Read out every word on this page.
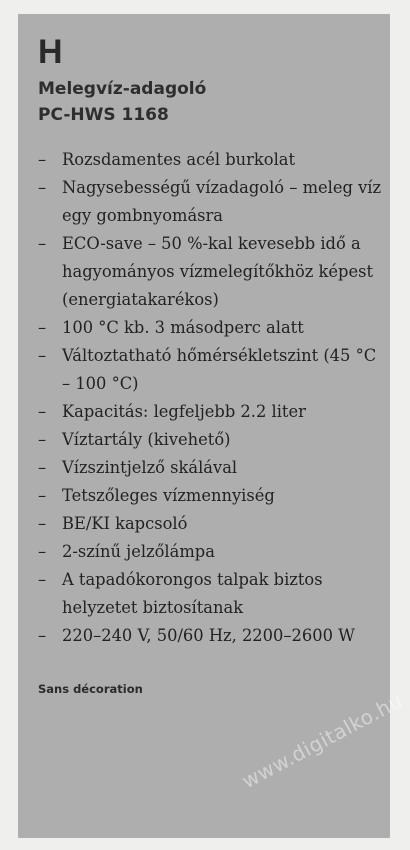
H
Melegvíz-adagoló
PC-HWS 1168
– Rozsdamentes acél burkolat
– Nagysebességű vízadagoló – meleg víz egy gombnyomásra
– ECO-save – 50 %-kal kevesebb idő a hagyományos vízmelegítőkhöz képest (energiatakarékos)
– 100 °C kb. 3 másodperc alatt
– Változtatható hőmérsékletszint (45 °C – 100 °C)
– Kapacitás: legfeljebb 2.2 liter
– Víztartály (kivehető)
– Vízszintjelző skálával
– Tetszőleges vízmennyiség
– BE/KI kapcsoló
– 2-színű jelzőlámpa
– A tapadókorongos talpak biztos helyzetet biztosítanak
– 220–240 V, 50/60 Hz, 2200–2600 W
Sans décoration	www.digitalko.hu
